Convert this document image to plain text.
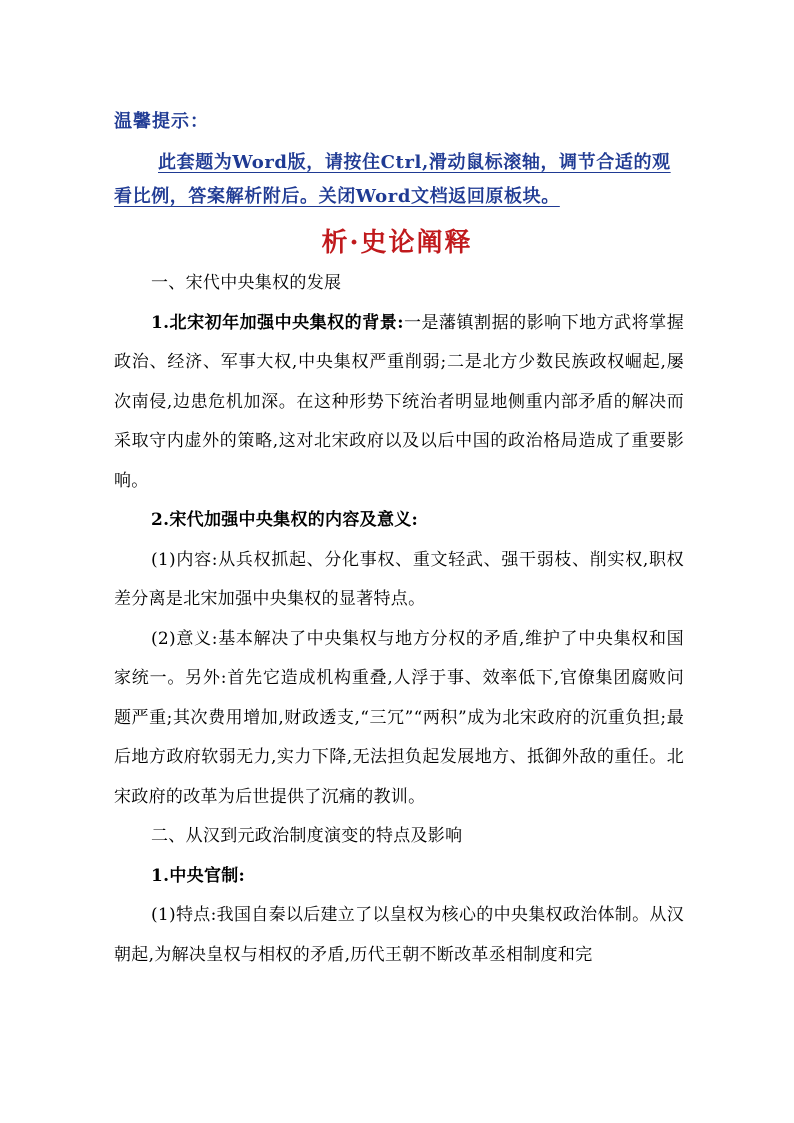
温馨提示：
此套题为Word版，请按住Ctrl,滑动鼠标滚轴，调节合适的观看比例，答案解析附后。关闭Word文档返回原板块。
析·史论阐释

一、宋代中央集权的发展

1.北宋初年加强中央集权的背景:一是藩镇割据的影响下地方武将掌握政治、经济、军事大权,中央集权严重削弱;二是北方少数民族政权崛起,屡次南侵,边患危机加深。在这种形势下统治者明显地侧重内部矛盾的解决而采取守内虚外的策略,这对北宋政府以及以后中国的政治格局造成了重要影响。

2.宋代加强中央集权的内容及意义:

(1)内容:从兵权抓起、分化事权、重文轻武、强干弱枝、削实权,职权差分离是北宋加强中央集权的显著特点。

(2)意义:基本解决了中央集权与地方分权的矛盾,维护了中央集权和国家统一。另外:首先它造成机构重叠,人浮于事、效率低下,官僚集团腐败问题严重;其次费用增加,财政透支,“三冗”“两积”成为北宋政府的沉重负担;最后地方政府软弱无力,实力下降,无法担负起发展地方、抵御外敌的重任。北宋政府的改革为后世提供了沉痛的教训。

二、从汉到元政治制度演变的特点及影响

1.中央官制:

(1)特点:我国自秦以后建立了以皇权为核心的中央集权政治体制。从汉朝起,为解决皇权与相权的矛盾,历代王朝不断改革丞相制度和完
